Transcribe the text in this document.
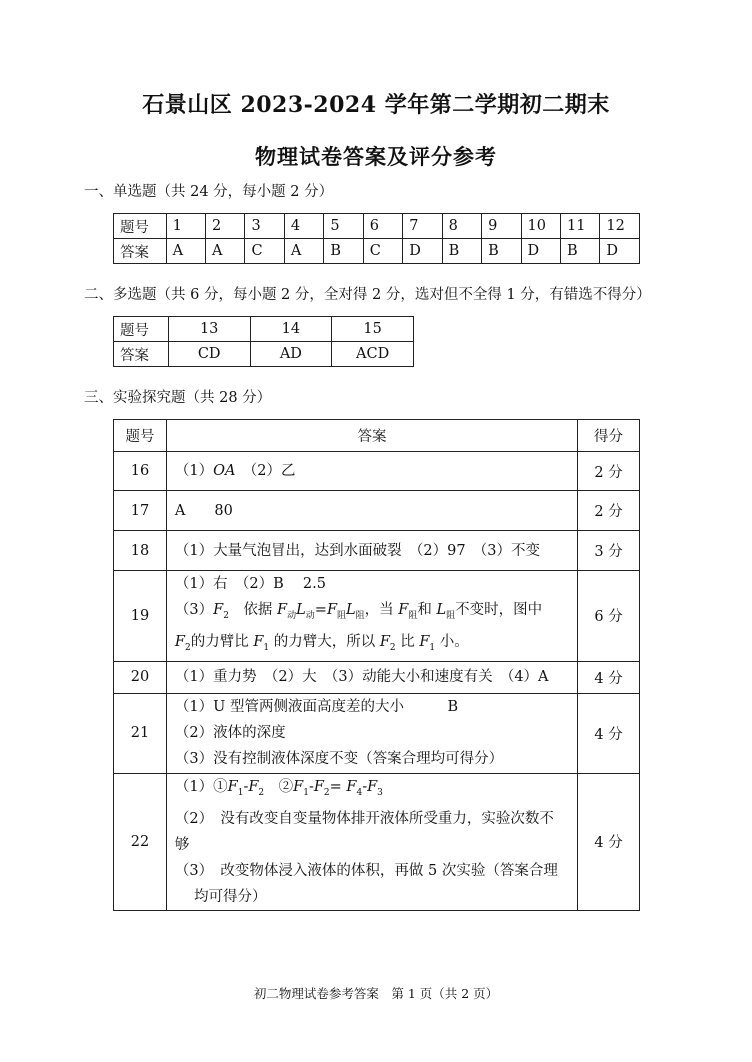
石景山区 2023-2024 学年第二学期初二期末
物理试卷答案及评分参考
一、单选题（共 24 分，每小题 2 分）
题号	1	2	3	4	5	6	7	8	9	10	11	12
答案	A	A	C	A	B	C	D	B	B	D	B	D
二、多选题（共 6 分，每小题 2 分，全对得 2 分，选对但不全得 1 分，有错选不得分）
题号	13	14	15
答案	CD	AD	ACD
三、实验探究题（共 28 分）
题号	答案	得分
16	（1）OA　 （2）乙	2 分
17	A　　 80	2 分
18	（1）大量气泡冒出，达到水面破裂　（2）97　（3）不变	3 分
19	（1）右　（2）B　 2.5
$(3)F_2$　依据 $F_动L_动=F_阻L_阻$，当 $F_阻$和 $L_阻$不变时，图中
$F_2$的力臂比 $F_1$ 的力臂大，所以 $F_2$ 比 $F_1$ 小。	6 分
20	（1）重力势　（2）大　（3）动能大小和速度有关　（4）A	4 分
21	（1）U 型管两侧液面高度差的大小　　　B
（2）液体的深度
（3）没有控制液体深度不变（答案合理均可得分）	4 分
22	$(1)①F_1-F_2$　$②F_1-F_2= F_4-F_3$
（2）　没有改变自变量物体排开液体所受重力，实验次数不
够
（3）　改变物体浸入液体的体积，再做 5 次实验（答案合理
　 均可得分）	4 分
初二物理试卷参考答案　第 1 页（共 2 页）
